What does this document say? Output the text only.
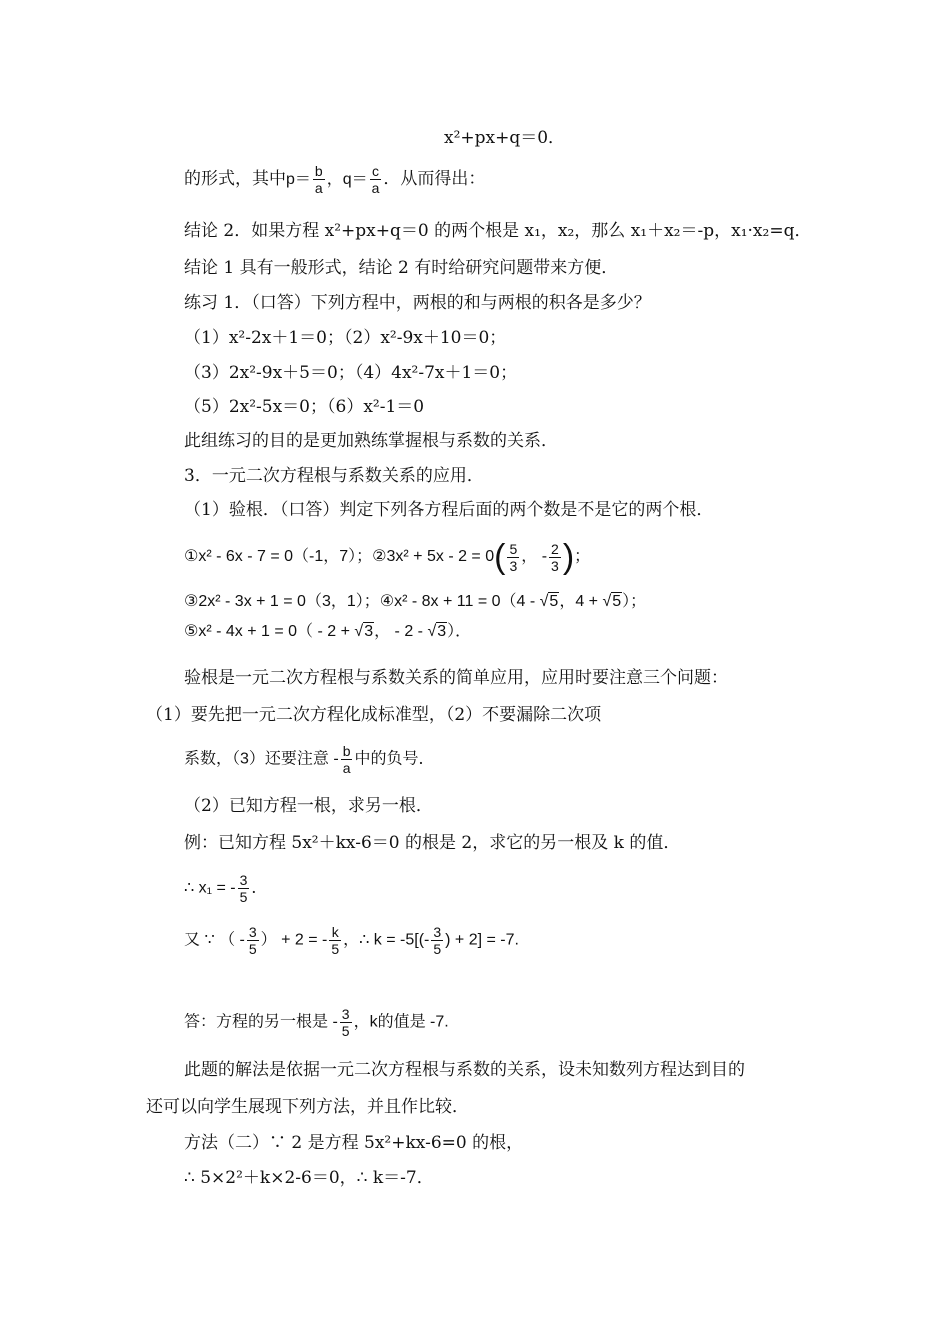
x²+px+q＝0．
的形式，其中$p= \frac{b}{a}$ ，$q= \frac{c}{a}$ ．从而得出：
结论 2．如果方程 x²+px+q＝0 的两个根是 x₁，x₂，那么 x₁＋x₂＝-p，x₁·x₂=q．
结论 1 具有一般形式，结论 2 有时给研究问题带来方便．
练习 1．（口答）下列方程中，两根的和与两根的积各是多少？
（1）x²-2x＋1＝0；（2）x²-9x＋10＝0；
（3）2x²-9x＋5＝0；（4）4x²-7x＋1＝0；
（5）2x²-5x＝0；（6）x²-1＝0
此组练习的目的是更加熟练掌握根与系数的关系．
3．一元二次方程根与系数关系的应用．
（1）验根．（口答）判定下列各方程后面的两个数是不是它的两个根．
①x² - 6x - 7 = 0（-1，7）；②3x² + $5x - 2 = 0( \frac{5}{3}$ ， - $\frac{2}{3}$ )；
③2x² - 3x + 1 = 0（3，1）；④x² - 8x + 11 = 0（4 - √5，4 + √5）；
⑤x² - 4x + 1 = 0（ - 2 + √3， - 2 - √3）．
验根是一元二次方程根与系数关系的简单应用，应用时要注意三个问题：
（1）要先把一元二次方程化成标准型，（2）不要漏除二次项
系数，（3）还要注意 - $\frac{b}{a}$ 中的负号．
（2）已知方程一根，求另一根．
例：已知方程 5x²＋kx-6＝0 的根是 2，求它的另一根及 k 的值．
∴ x₁ = - $\frac{3}{5}$ ．
又 ∵ （ - $\frac{3}{5}$ ） + 2 = - $\frac{k}{5}$ ，∴ $k = -5[(- \frac{3}{5}$ ) + 2] = -7.
答：方程的另一根是 - $\frac{3}{5}$ ，k的值是 -7.
此题的解法是依据一元二次方程根与系数的关系，设未知数列方程达到目的
还可以向学生展现下列方法，并且作比较．
方法（二）∵ 2 是方程 5x²+kx-6=0 的根，
∴ 5×2²＋k×2-6＝0，∴ k＝-7．
